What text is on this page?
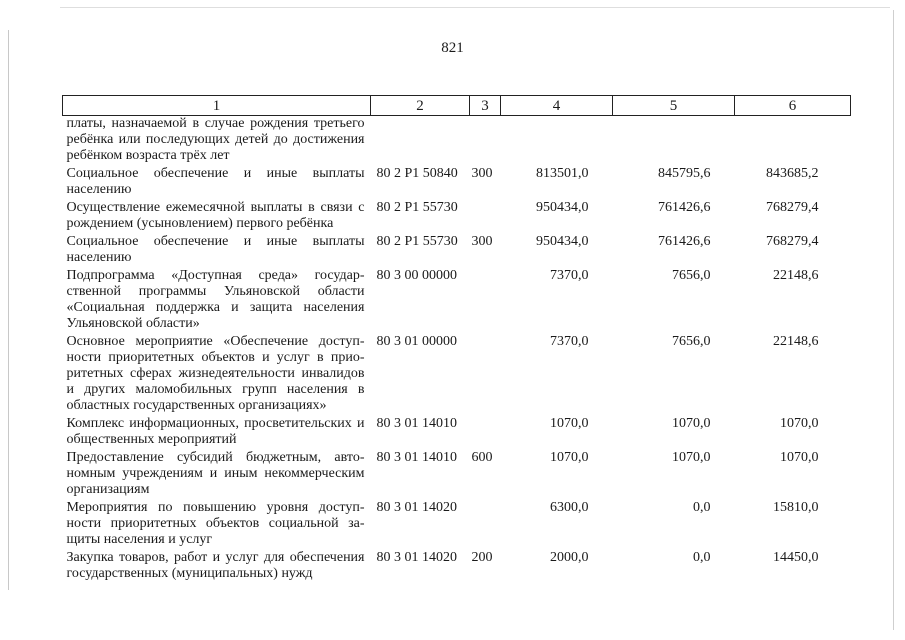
821
1	2	3	4	5	6
платы, назначаемой в случае рождения третьего ребёнка или последующих детей до достижения ребёнком возраста трёх лет					
Социальное обеспечение и иные выплаты населению	80 2 P1 50840	300	813501,0	845795,6	843685,2
Осуществление ежемесячной выплаты в связи с рождением (усыновлением) первого ребёнка	80 2 P1 55730		950434,0	761426,6	768279,4
Социальное обеспечение и иные выплаты населению	80 2 P1 55730	300	950434,0	761426,6	768279,4
Подпрограмма «Доступная среда» государственной программы Ульяновской области «Социальная поддержка и защита населения Ульяновской области»	80 3 00 00000		7370,0	7656,0	22148,6
Основное мероприятие «Обеспечение доступности приоритетных объектов и услуг в приоритетных сферах жизнедеятельности инвалидов и других маломобильных групп населения в областных государственных организациях»	80 3 01 00000		7370,0	7656,0	22148,6
Комплекс информационных, просветительских и общественных мероприятий	80 3 01 14010		1070,0	1070,0	1070,0
Предоставление субсидий бюджетным, автономным учреждениям и иным некоммерческим организациям	80 3 01 14010	600	1070,0	1070,0	1070,0
Мероприятия по повышению уровня доступности приоритетных объектов социальной защиты населения и услуг	80 3 01 14020		6300,0	0,0	15810,0
Закупка товаров, работ и услуг для обеспечения государственных (муниципальных) нужд	80 3 01 14020	200	2000,0	0,0	14450,0
